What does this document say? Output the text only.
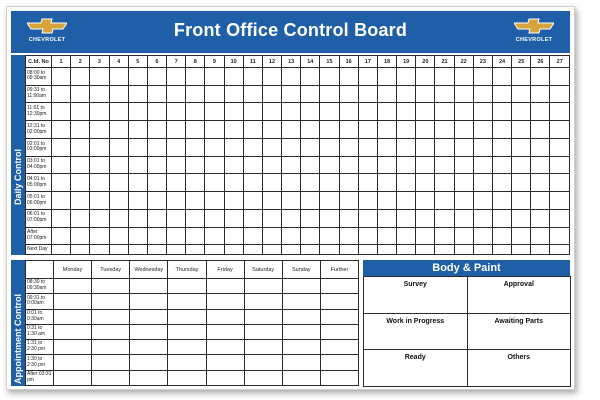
CHEVROLET	Front Office Control Board	CHEVROLET
Daily Control
C.Id. No	1	2	3	4	5	6	7	8	9	10	11	12	13	14	15	16	17	18	19	20	21	22	23	24	25	26	27
08:00 to 09:30am																											
09:31 to 11:00am																											
11:01 to 12:30pm																											
12:31 to 02:00pm																											
02:01 to 03:00pm																											
03:01 to 04:00pm																											
04:01 to 05:00pm																											
05:01 to 06:00pm																											
06:01 to 07:00pm																											
After 07:00pm																											
Next Day																											
Appointment Control
	Monday	Tuesday	Wednesday	Thursday	Friday	Saturday	Sunday	Further
08:30 to 09:30am								
09:31 to 0:00am								
0:01 to 0:30am								
0:31 to 1:30 am								
1:31 to 2:30 pm								
1:30 to 2:30 pm								
After 03:31 pm								
Body & Paint
Survey	Approval
Work in Progress	Awaiting Parts
Ready	Others
